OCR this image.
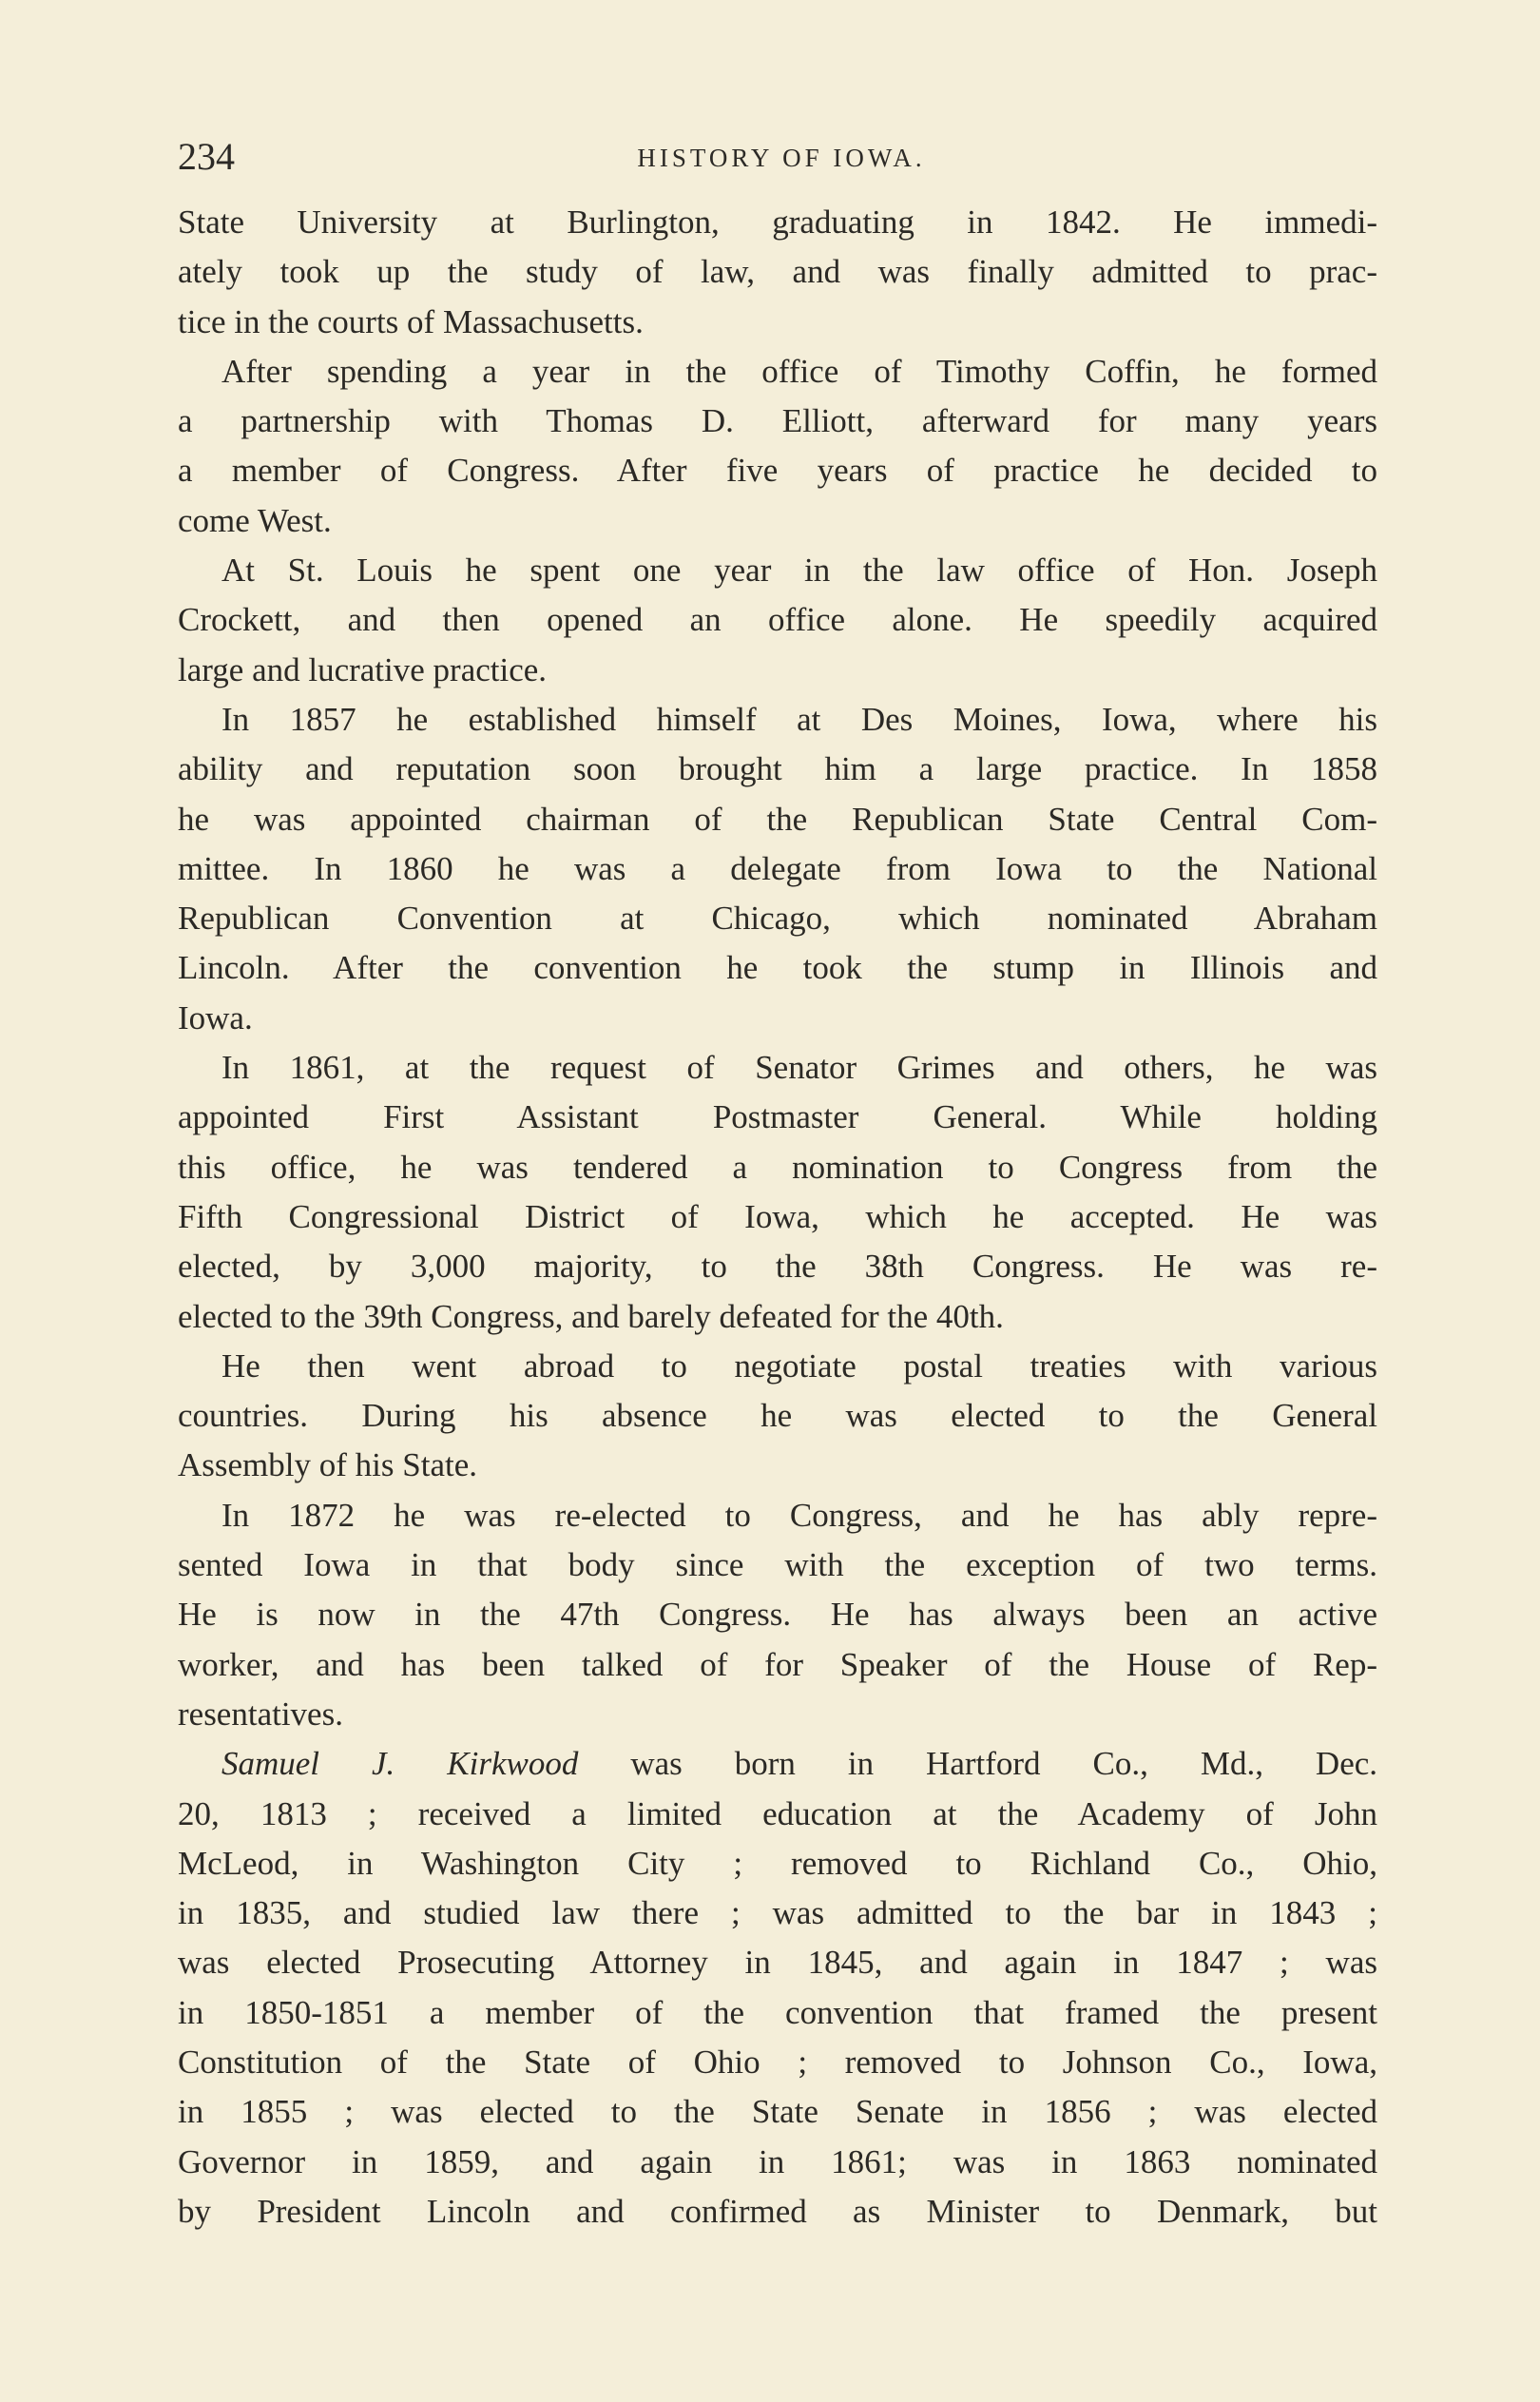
234	HISTORY OF IOWA.
State University at Burlington, graduating in 1842. He immedi-
ately took up the study of law, and was finally admitted to prac-
tice in the courts of Massachusetts.
After spending a year in the office of Timothy Coffin, he formed
a partnership with Thomas D. Elliott, afterward for many years
a member of Congress. After five years of practice he decided to
come West.
At St. Louis he spent one year in the law office of Hon. Joseph
Crockett, and then opened an office alone. He speedily acquired
large and lucrative practice.
In 1857 he established himself at Des Moines, Iowa, where his
ability and reputation soon brought him a large practice. In 1858
he was appointed chairman of the Republican State Central Com-
mittee. In 1860 he was a delegate from Iowa to the National
Republican Convention at Chicago, which nominated Abraham
Lincoln. After the convention he took the stump in Illinois and
Iowa.
In 1861, at the request of Senator Grimes and others, he was
appointed First Assistant Postmaster General. While holding
this office, he was tendered a nomination to Congress from the
Fifth Congressional District of Iowa, which he accepted. He was
elected, by 3,000 majority, to the 38th Congress. He was re-
elected to the 39th Congress, and barely defeated for the 40th.
He then went abroad to negotiate postal treaties with various
countries. During his absence he was elected to the General
Assembly of his State.
In 1872 he was re-elected to Congress, and he has ably repre-
sented Iowa in that body since with the exception of two terms.
He is now in the 47th Congress. He has always been an active
worker, and has been talked of for Speaker of the House of Rep-
resentatives.
Samuel J. Kirkwood was born in Hartford Co., Md., Dec.
20, 1813 ; received a limited education at the Academy of John
McLeod, in Washington City ; removed to Richland Co., Ohio,
in 1835, and studied law there ; was admitted to the bar in 1843 ;
was elected Prosecuting Attorney in 1845, and again in 1847 ; was
in 1850-1851 a member of the convention that framed the present
Constitution of the State of Ohio ; removed to Johnson Co., Iowa,
in 1855 ; was elected to the State Senate in 1856 ; was elected
Governor in 1859, and again in 1861; was in 1863 nominated
by President Lincoln and confirmed as Minister to Denmark, but
